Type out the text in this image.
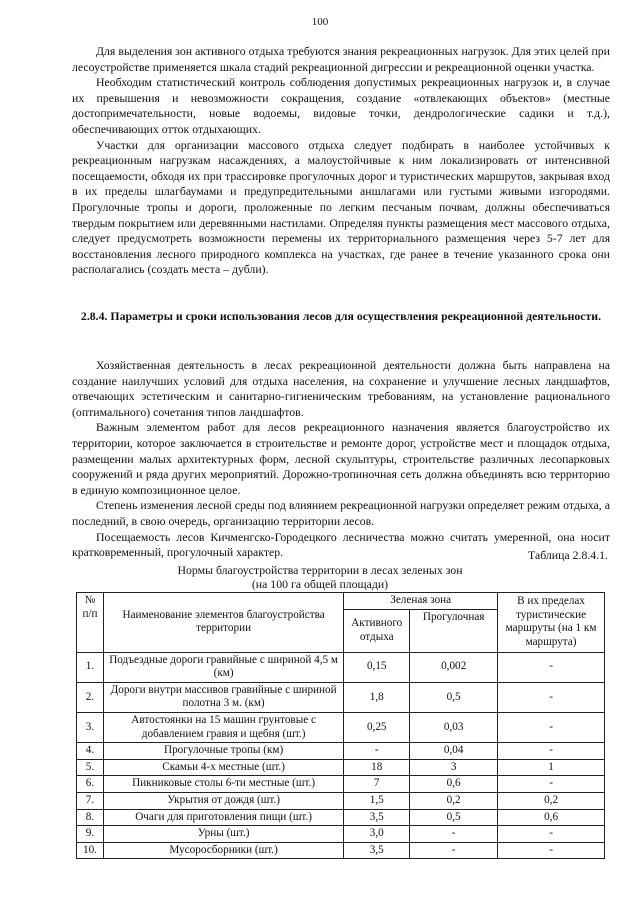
100

Для выделения зон активного отдыха требуются знания рекреационных нагрузок. Для этих целей при лесоустройстве применяется шкала стадий рекреационной дигрессии и рекреационной оценки участка.

Необходим статистический контроль соблюдения допустимых рекреационных нагрузок и, в случае их превышения и невозможности сокращения, создание «отвлекающих объектов» (местные достопримечательности, новые водоемы, видовые точки, дендрологические садики и т.д.), обеспечивающих отток отдыхающих.

Участки для организации массового отдыха следует подбирать в наиболее устойчивых к рекреационным нагрузкам насаждениях, а малоустойчивые к ним локализировать от интенсивной посещаемости, обходя их при трассировке прогулочных дорог и туристических маршрутов, закрывая вход в их пределы шлагбаумами и предупредительными аншлагами или густыми живыми изгородями. Прогулочные тропы и дороги, проложенные по легким песчаным почвам, должны обеспечиваться твердым покрытием или деревянными настилами. Определяя пункты размещения мест массового отдыха, следует предусмотреть возможности перемены их территориального размещения через 5-7 лет для восстановления лесного природного комплекса на участках, где ранее в течение указанного срока они располагались (создать места – дубли).

2.8.4. Параметры и сроки использования лесов для осуществления рекреационной деятельности.

Хозяйственная деятельность в лесах рекреационной деятельности должна быть направлена на создание наилучших условий для отдыха населения, на сохранение и улучшение лесных ландшафтов, отвечающих эстетическим и санитарно-гигиеническим требованиям, на установление рационального (оптимального) сочетания типов ландшафтов.

Важным элементом работ для лесов рекреационного назначения является благоустройство их территории, которое заключается в строительстве и ремонте дорог, устройстве мест и площадок отдыха, размещении малых архитектурных форм, лесной скульптуры, строительстве различных лесопарковых сооружений и ряда других мероприятий. Дорожно-тропиночная сеть должна объединять всю территорию в единую композиционное целое.

Степень изменения лесной среды под влиянием рекреационной нагрузки определяет режим отдыха, а последний, в свою очередь, организацию территории лесов.

Посещаемость лесов Кичменгско-Городецкого лесничества можно считать умеренной, она носит кратковременный, прогулочный характер.	Таблица 2.8.4.1.
Нормы благоустройства территории в лесах зеленых зон
(на 100 га общей площади)
№ п/п	Наименование элементов благоустройства территории	Зеленая зона		В их пределах туристические маршруты (на 1 км маршрута)
		Активного отдыха	Прогулочная	
1.	Подъездные дороги гравийные с шириной 4,5 м (км)	0,15	0,002	-
2.	Дороги внутри массивов гравийные с шириной полотна 3 м. (км)	1,8	0,5	-
3.	Автостоянки на 15 машин грунтовые с добавлением гравия и щебня (шт.)	0,25	0,03	-
4.	Прогулочные тропы (км)	-	0,04	-
5.	Скамьи 4-х местные (шт.)	18	3	1
6.	Пикниковые столы 6-ти местные (шт.)	7	0,6	-
7.	Укрытия от дождя (шт.)	1,5	0,2	0,2
8.	Очаги для приготовления пищи (шт.)	3,5	0,5	0,6
9.	Урны (шт.)	3,0	-	-
10.	Мусоросборники (шт.)	3,5	-	-
